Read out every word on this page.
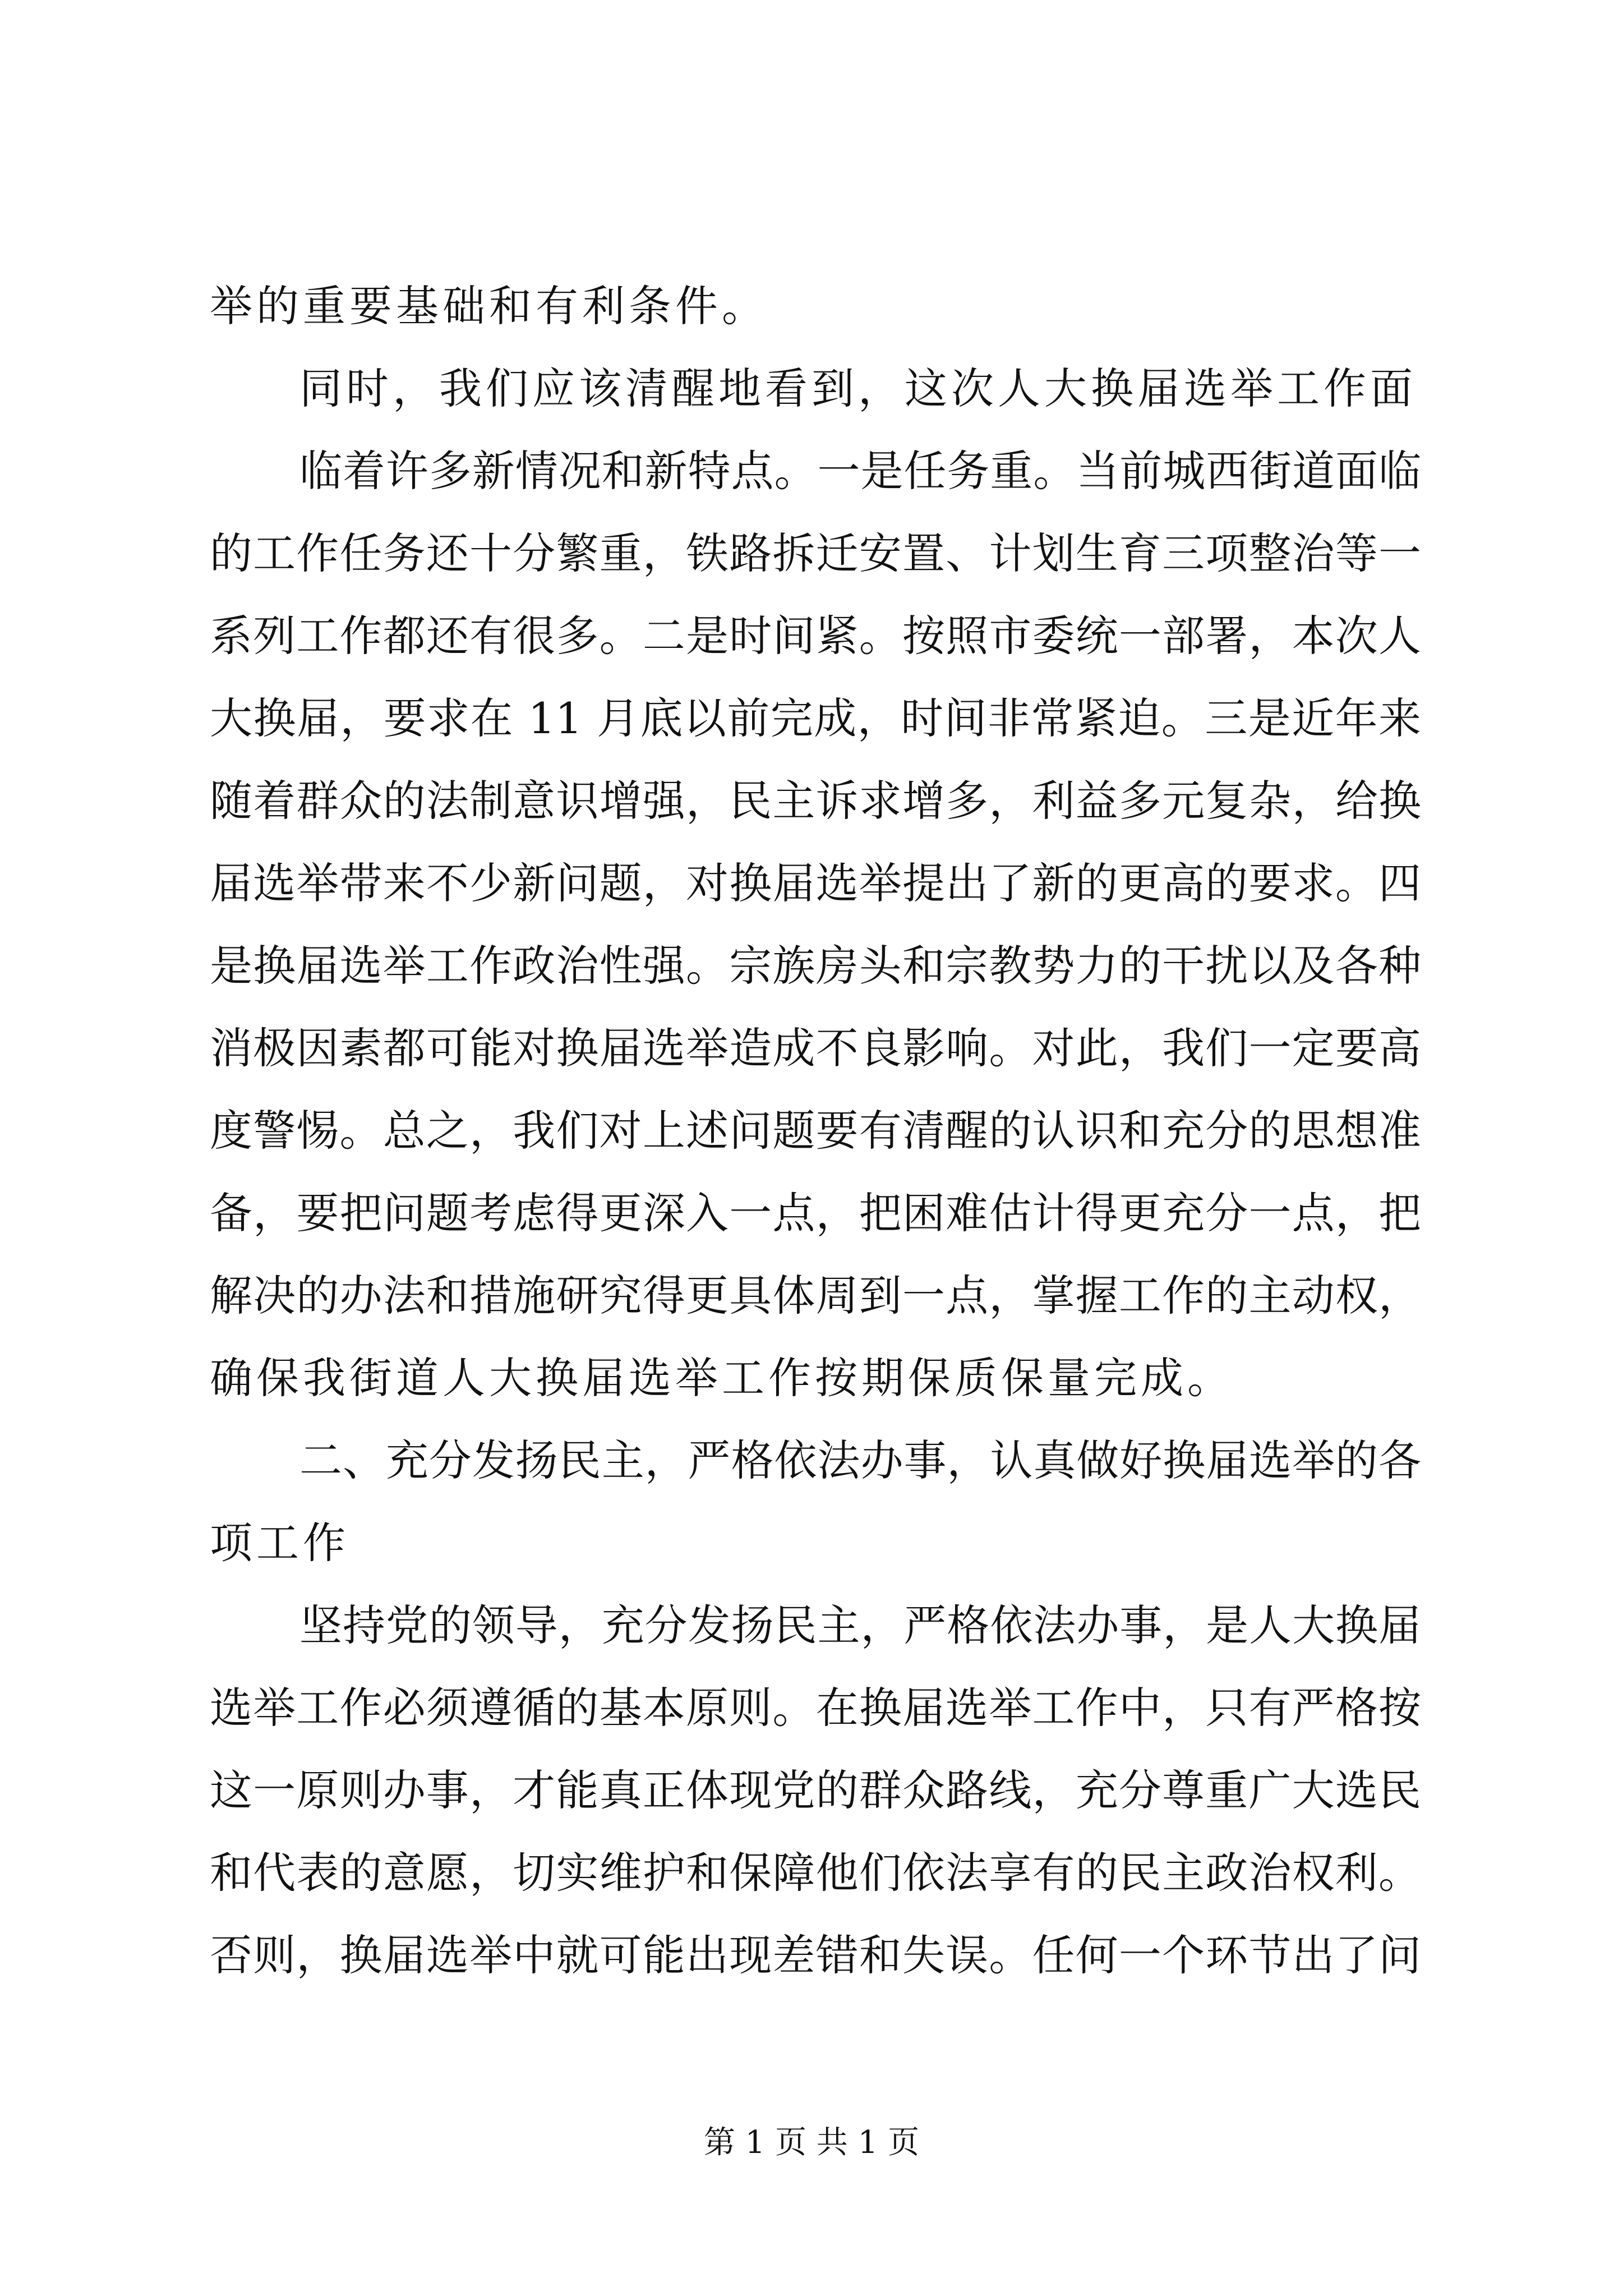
举的重要基础和有利条件。
同时，我们应该清醒地看到，这次人大换届选举工作面
临着许多新情况和新特点。一是任务重。当前城西街道面临
的工作任务还十分繁重，铁路拆迁安置、计划生育三项整治等一
系列工作都还有很多。二是时间紧。按照市委统一部署，本次人
大换届，要求在 11 月底以前完成，时间非常紧迫。三是近年来
随着群众的法制意识增强，民主诉求增多，利益多元复杂，给换
届选举带来不少新问题，对换届选举提出了新的更高的要求。四
是换届选举工作政治性强。宗族房头和宗教势力的干扰以及各种
消极因素都可能对换届选举造成不良影响。对此，我们一定要高
度警惕。总之，我们对上述问题要有清醒的认识和充分的思想准
备，要把问题考虑得更深入一点，把困难估计得更充分一点，把
解决的办法和措施研究得更具体周到一点，掌握工作的主动权，
确保我街道人大换届选举工作按期保质保量完成。
二、充分发扬民主，严格依法办事，认真做好换届选举的各
项工作
坚持党的领导，充分发扬民主，严格依法办事，是人大换届
选举工作必须遵循的基本原则。在换届选举工作中，只有严格按
这一原则办事，才能真正体现党的群众路线，充分尊重广大选民
和代表的意愿，切实维护和保障他们依法享有的民主政治权利。
否则，换届选举中就可能出现差错和失误。任何一个环节出了问
第 1 页 共 1 页
